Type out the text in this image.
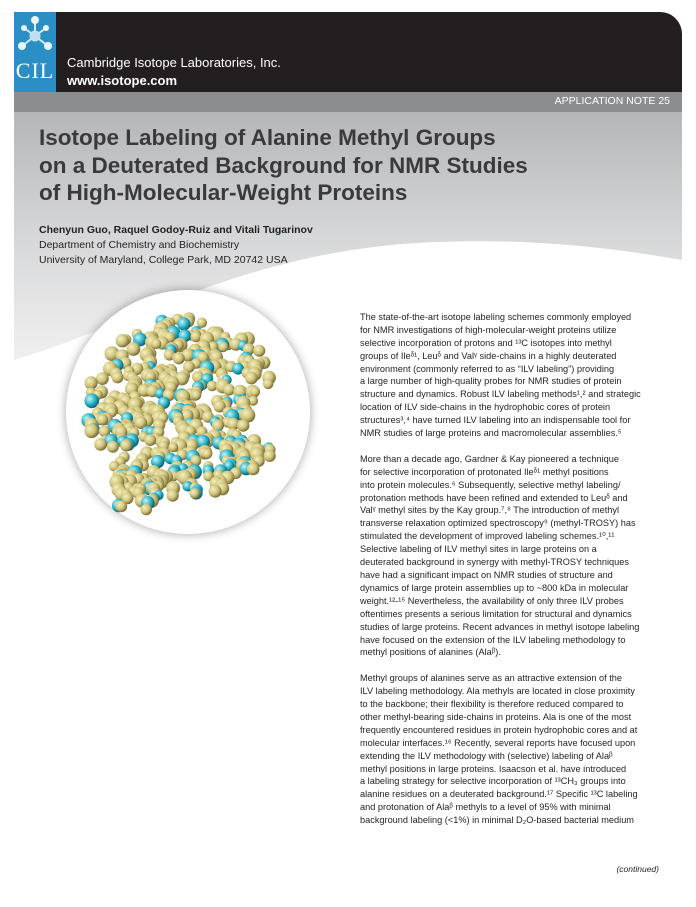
CIL Cambridge Isotope Laboratories, Inc.
www.isotope.com
APPLICATION NOTE 25
Isotope Labeling of Alanine Methyl Groups
on a Deuterated Background for NMR Studies
of High-Molecular-Weight Proteins
Chenyun Guo, Raquel Godoy-Ruiz and Vitali Tugarinov
Department of Chemistry and Biochemistry
University of Maryland, College Park, MD 20742 USA

The state-of-the-art isotope labeling schemes commonly employed
for NMR investigations of high-molecular-weight proteins utilize
selective incorporation of protons and ¹³C isotopes into methyl
groups of Ileᵟ¹, Leuᵟ and Valᵞ side-chains in a highly deuterated
environment (commonly referred to as “ILV labeling”) providing
a large number of high-quality probes for NMR studies of protein
structure and dynamics. Robust ILV labeling methods¹,² and strategic
location of ILV side-chains in the hydrophobic cores of protein
structures³,⁴ have turned ILV labeling into an indispensable tool for
NMR studies of large proteins and macromolecular assemblies.⁵

More than a decade ago, Gardner & Kay pioneered a technique
for selective incorporation of protonated Ileᵟ¹ methyl positions
into protein molecules.⁶ Subsequently, selective methyl labeling/
protonation methods have been refined and extended to Leuᵟ and
Valᵞ methyl sites by the Kay group.⁷,⁸ The introduction of methyl
transverse relaxation optimized spectroscopy⁹ (methyl-TROSY) has
stimulated the development of improved labeling schemes.¹⁰,¹¹
Selective labeling of ILV methyl sites in large proteins on a
deuterated background in synergy with methyl-TROSY techniques
have had a significant impact on NMR studies of structure and
dynamics of large protein assemblies up to ~800 kDa in molecular
weight.¹²-¹⁵ Nevertheless, the availability of only three ILV probes
oftentimes presents a serious limitation for structural and dynamics
studies of large proteins. Recent advances in methyl isotope labeling
have focused on the extension of the ILV labeling methodology to
methyl positions of alanines (Alaᵝ).

Methyl groups of alanines serve as an attractive extension of the
ILV labeling methodology. Ala methyls are located in close proximity
to the backbone; their flexibility is therefore reduced compared to
other methyl-bearing side-chains in proteins. Ala is one of the most
frequently encountered residues in protein hydrophobic cores and at
molecular interfaces.¹⁶ Recently, several reports have focused upon
extending the ILV methodology with (selective) labeling of Alaᵝ
methyl positions in large proteins. Isaacson et al. have introduced
a labeling strategy for selective incorporation of ¹³CH₃ groups into
alanine residues on a deuterated background.¹⁷ Specific ¹³C labeling
and protonation of Alaᵝ methyls to a level of 95% with minimal
background labeling (<1%) in minimal D₂O-based bacterial medium

(continued)
